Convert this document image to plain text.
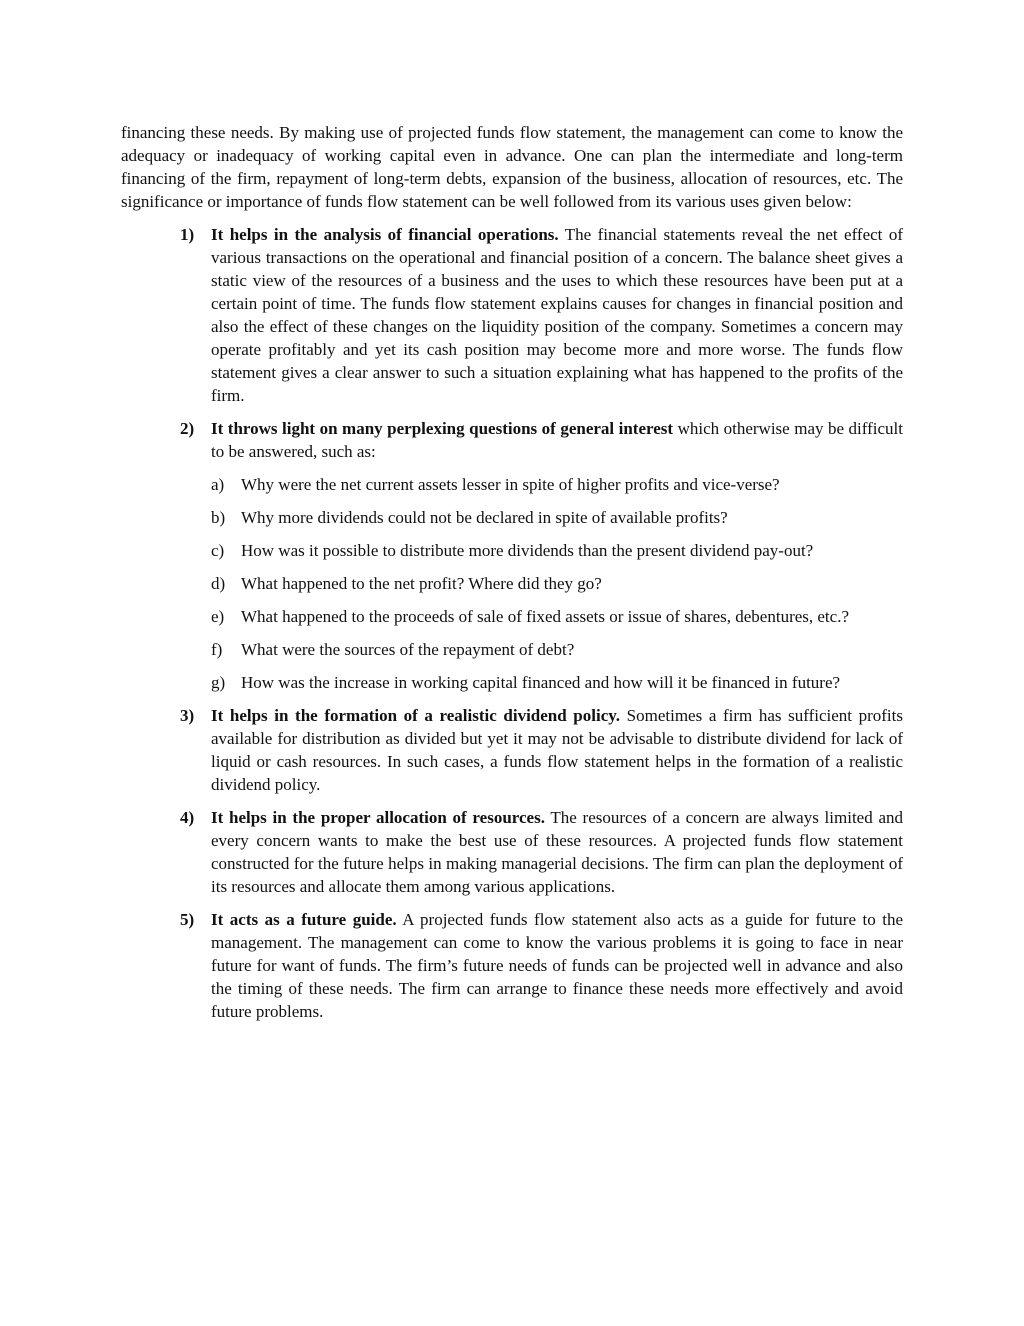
financing these needs. By making use of projected funds flow statement, the management can come to know the adequacy or inadequacy of working capital even in advance. One can plan the intermediate and long-term financing of the firm, repayment of long-term debts, expansion of the business, allocation of resources, etc. The significance or importance of funds flow statement can be well followed from its various uses given below:

1) It helps in the analysis of financial operations. The financial statements reveal the net effect of various transactions on the operational and financial position of a concern. The balance sheet gives a static view of the resources of a business and the uses to which these resources have been put at a certain point of time. The funds flow statement explains causes for changes in financial position and also the effect of these changes on the liquidity position of the company. Sometimes a concern may operate profitably and yet its cash position may become more and more worse. The funds flow statement gives a clear answer to such a situation explaining what has happened to the profits of the firm.
2) It throws light on many perplexing questions of general interest which otherwise may be difficult to be answered, such as:
a) Why were the net current assets lesser in spite of higher profits and vice-verse?
b) Why more dividends could not be declared in spite of available profits?
c) How was it possible to distribute more dividends than the present dividend pay-out?
d) What happened to the net profit? Where did they go?
e) What happened to the proceeds of sale of fixed assets or issue of shares, debentures, etc.?
f) What were the sources of the repayment of debt?
g) How was the increase in working capital financed and how will it be financed in future?
3) It helps in the formation of a realistic dividend policy. Sometimes a firm has sufficient profits available for distribution as divided but yet it may not be advisable to distribute dividend for lack of liquid or cash resources. In such cases, a funds flow statement helps in the formation of a realistic dividend policy.
4) It helps in the proper allocation of resources. The resources of a concern are always limited and every concern wants to make the best use of these resources. A projected funds flow statement constructed for the future helps in making managerial decisions. The firm can plan the deployment of its resources and allocate them among various applications.
5) It acts as a future guide. A projected funds flow statement also acts as a guide for future to the management. The management can come to know the various problems it is going to face in near future for want of funds. The firm’s future needs of funds can be projected well in advance and also the timing of these needs. The firm can arrange to finance these needs more effectively and avoid future problems.
